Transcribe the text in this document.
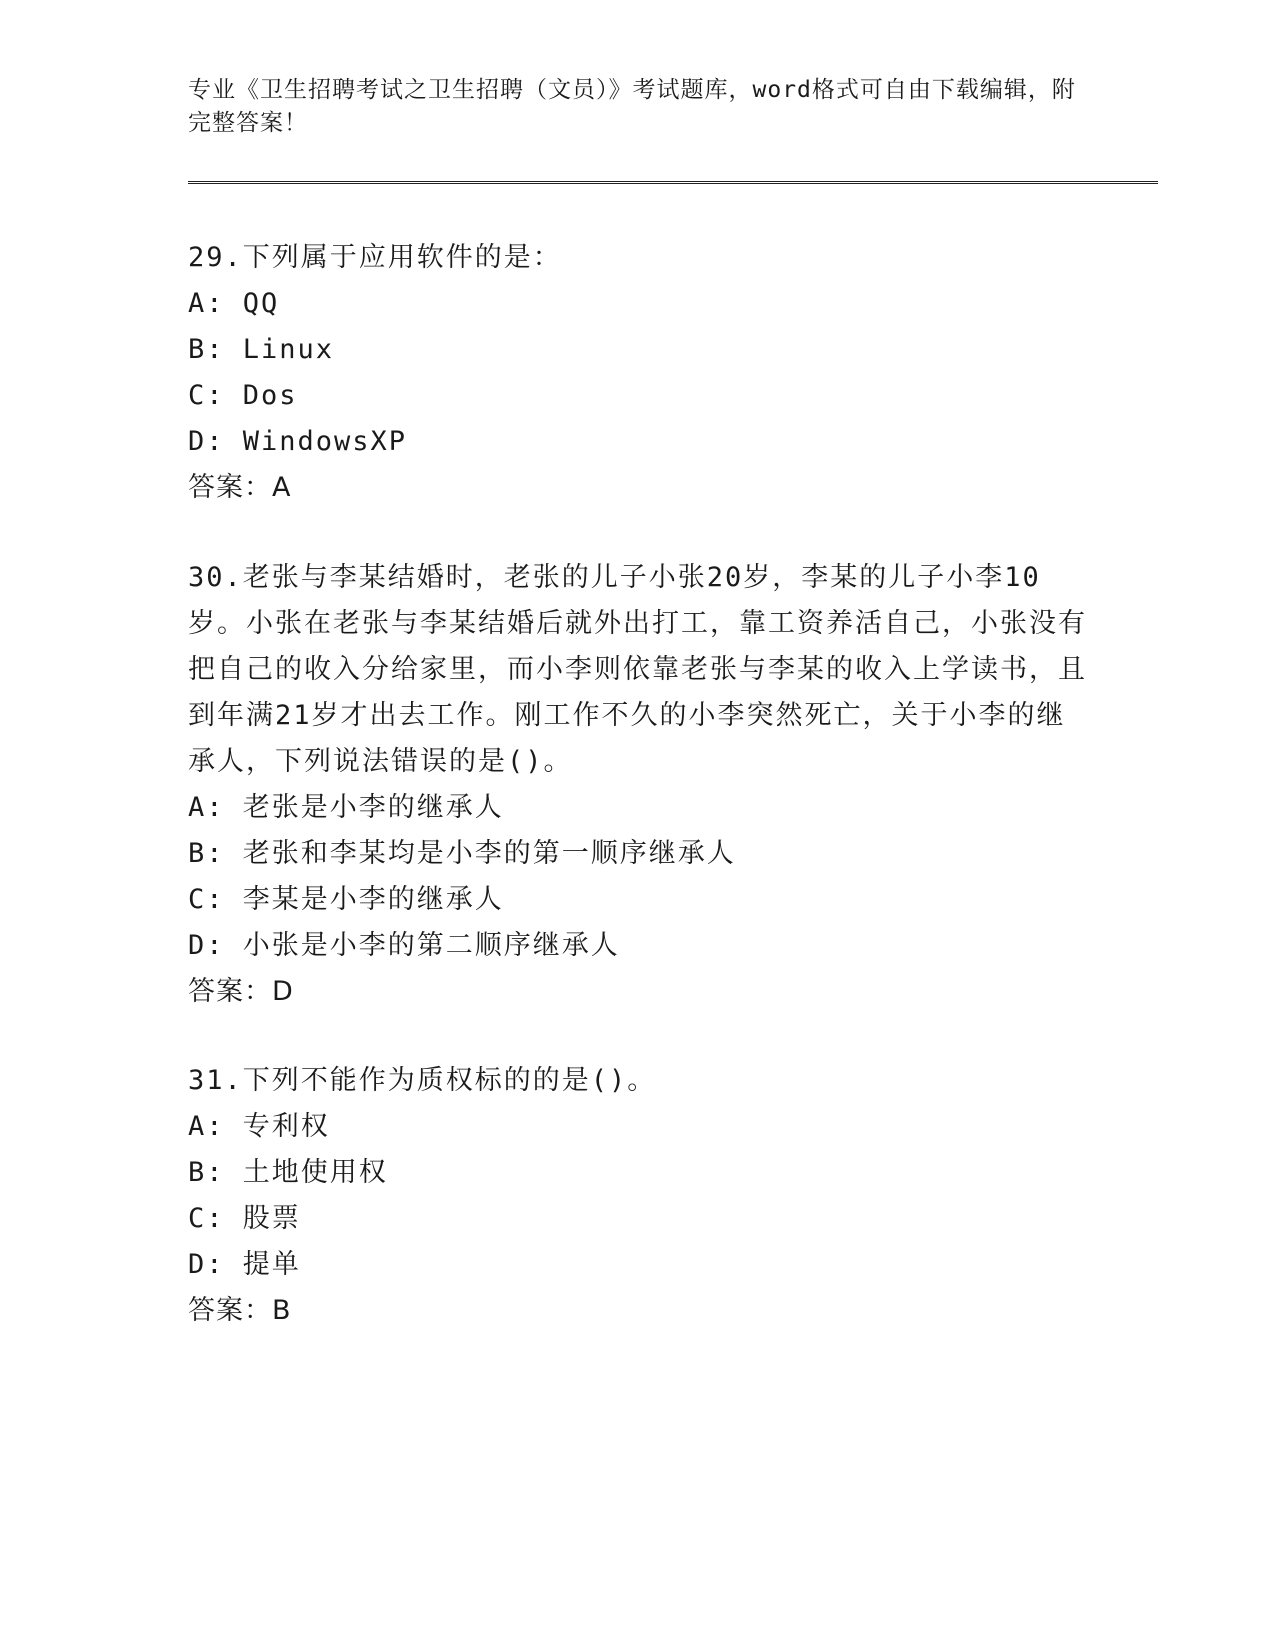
专业《卫生招聘考试之卫生招聘（文员）》考试题库，word格式可自由下载编辑，附完整答案！

29.下列属于应用软件的是：

A: QQ

B: Linux

C: Dos

D: WindowsXP

答案：A

30.老张与李某结婚时，老张的儿子小张20岁，李某的儿子小李10岁。小张在老张与李某结婚后就外出打工，靠工资养活自己，小张没有把自己的收入分给家里，而小李则依靠老张与李某的收入上学读书，且到年满21岁才出去工作。刚工作不久的小李突然死亡，关于小李的继承人，下列说法错误的是()。

A: 老张是小李的继承人

B: 老张和李某均是小李的第一顺序继承人

C: 李某是小李的继承人

D: 小张是小李的第二顺序继承人

答案：D

31.下列不能作为质权标的的是()。

A: 专利权

B: 土地使用权

C: 股票

D: 提单

答案：B
